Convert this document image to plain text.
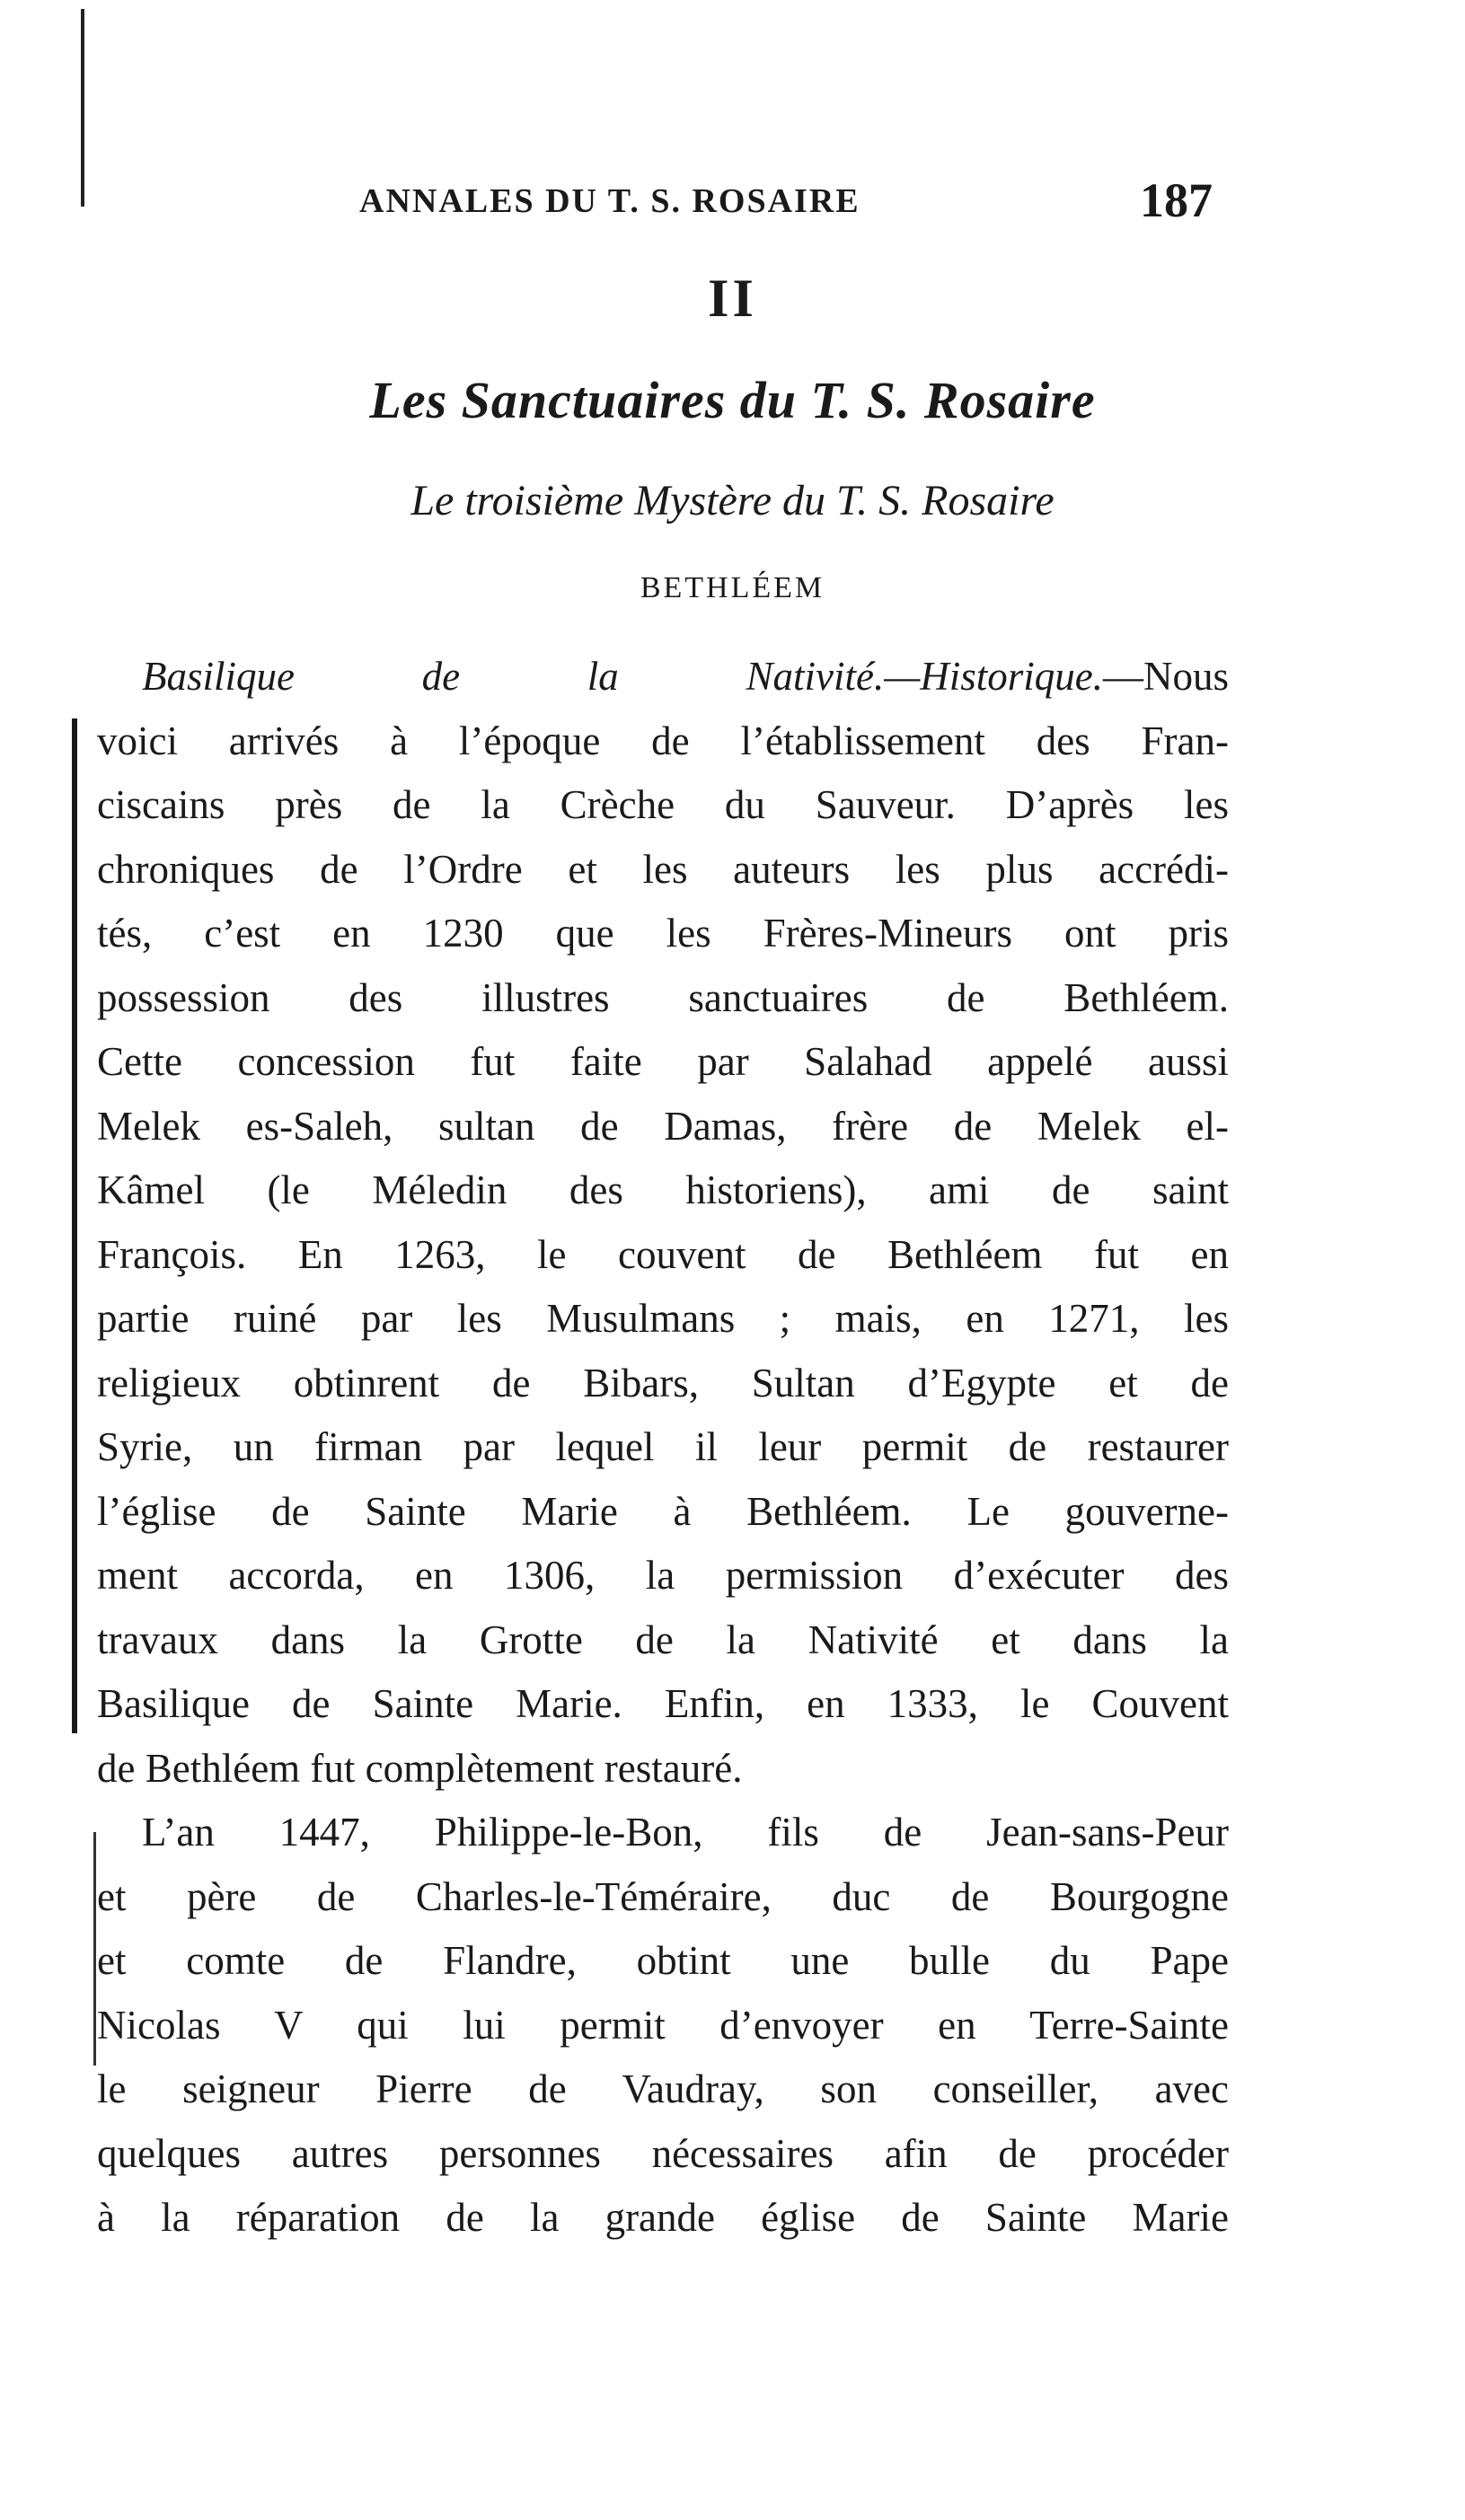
ANNALES DU T. S. ROSAIRE	187
II
Les Sanctuaires du T. S. Rosaire
Le troisième Mystère du T. S. Rosaire
BETHLÉEM
Basilique de la Nativité.—Historique.—Nous
voici arrivés à l’époque de l’établissement des Fran-
ciscains près de la Crèche du Sauveur. D’après les
chroniques de l’Ordre et les auteurs les plus accrédi-
tés, c’est en 1230 que les Frères-Mineurs ont pris
possession des illustres sanctuaires de Bethléem.
Cette concession fut faite par Salahad appelé aussi
Melek es-Saleh, sultan de Damas, frère de Melek el-
Kâmel (le Méledin des historiens), ami de saint
François. En 1263, le couvent de Bethléem fut en
partie ruiné par les Musulmans ; mais, en 1271, les
religieux obtinrent de Bibars, Sultan d’Egypte et de
Syrie, un firman par lequel il leur permit de restaurer
l’église de Sainte Marie à Bethléem. Le gouverne-
ment accorda, en 1306, la permission d’exécuter des
travaux dans la Grotte de la Nativité et dans la
Basilique de Sainte Marie. Enfin, en 1333, le Couvent
de Bethléem fut complètement restauré.
L’an 1447, Philippe-le-Bon, fils de Jean-sans-Peur
et père de Charles-le-Téméraire, duc de Bourgogne
et comte de Flandre, obtint une bulle du Pape
Nicolas V qui lui permit d’envoyer en Terre-Sainte
le seigneur Pierre de Vaudray, son conseiller, avec
quelques autres personnes nécessaires afin de procéder
à la réparation de la grande église de Sainte Marie
